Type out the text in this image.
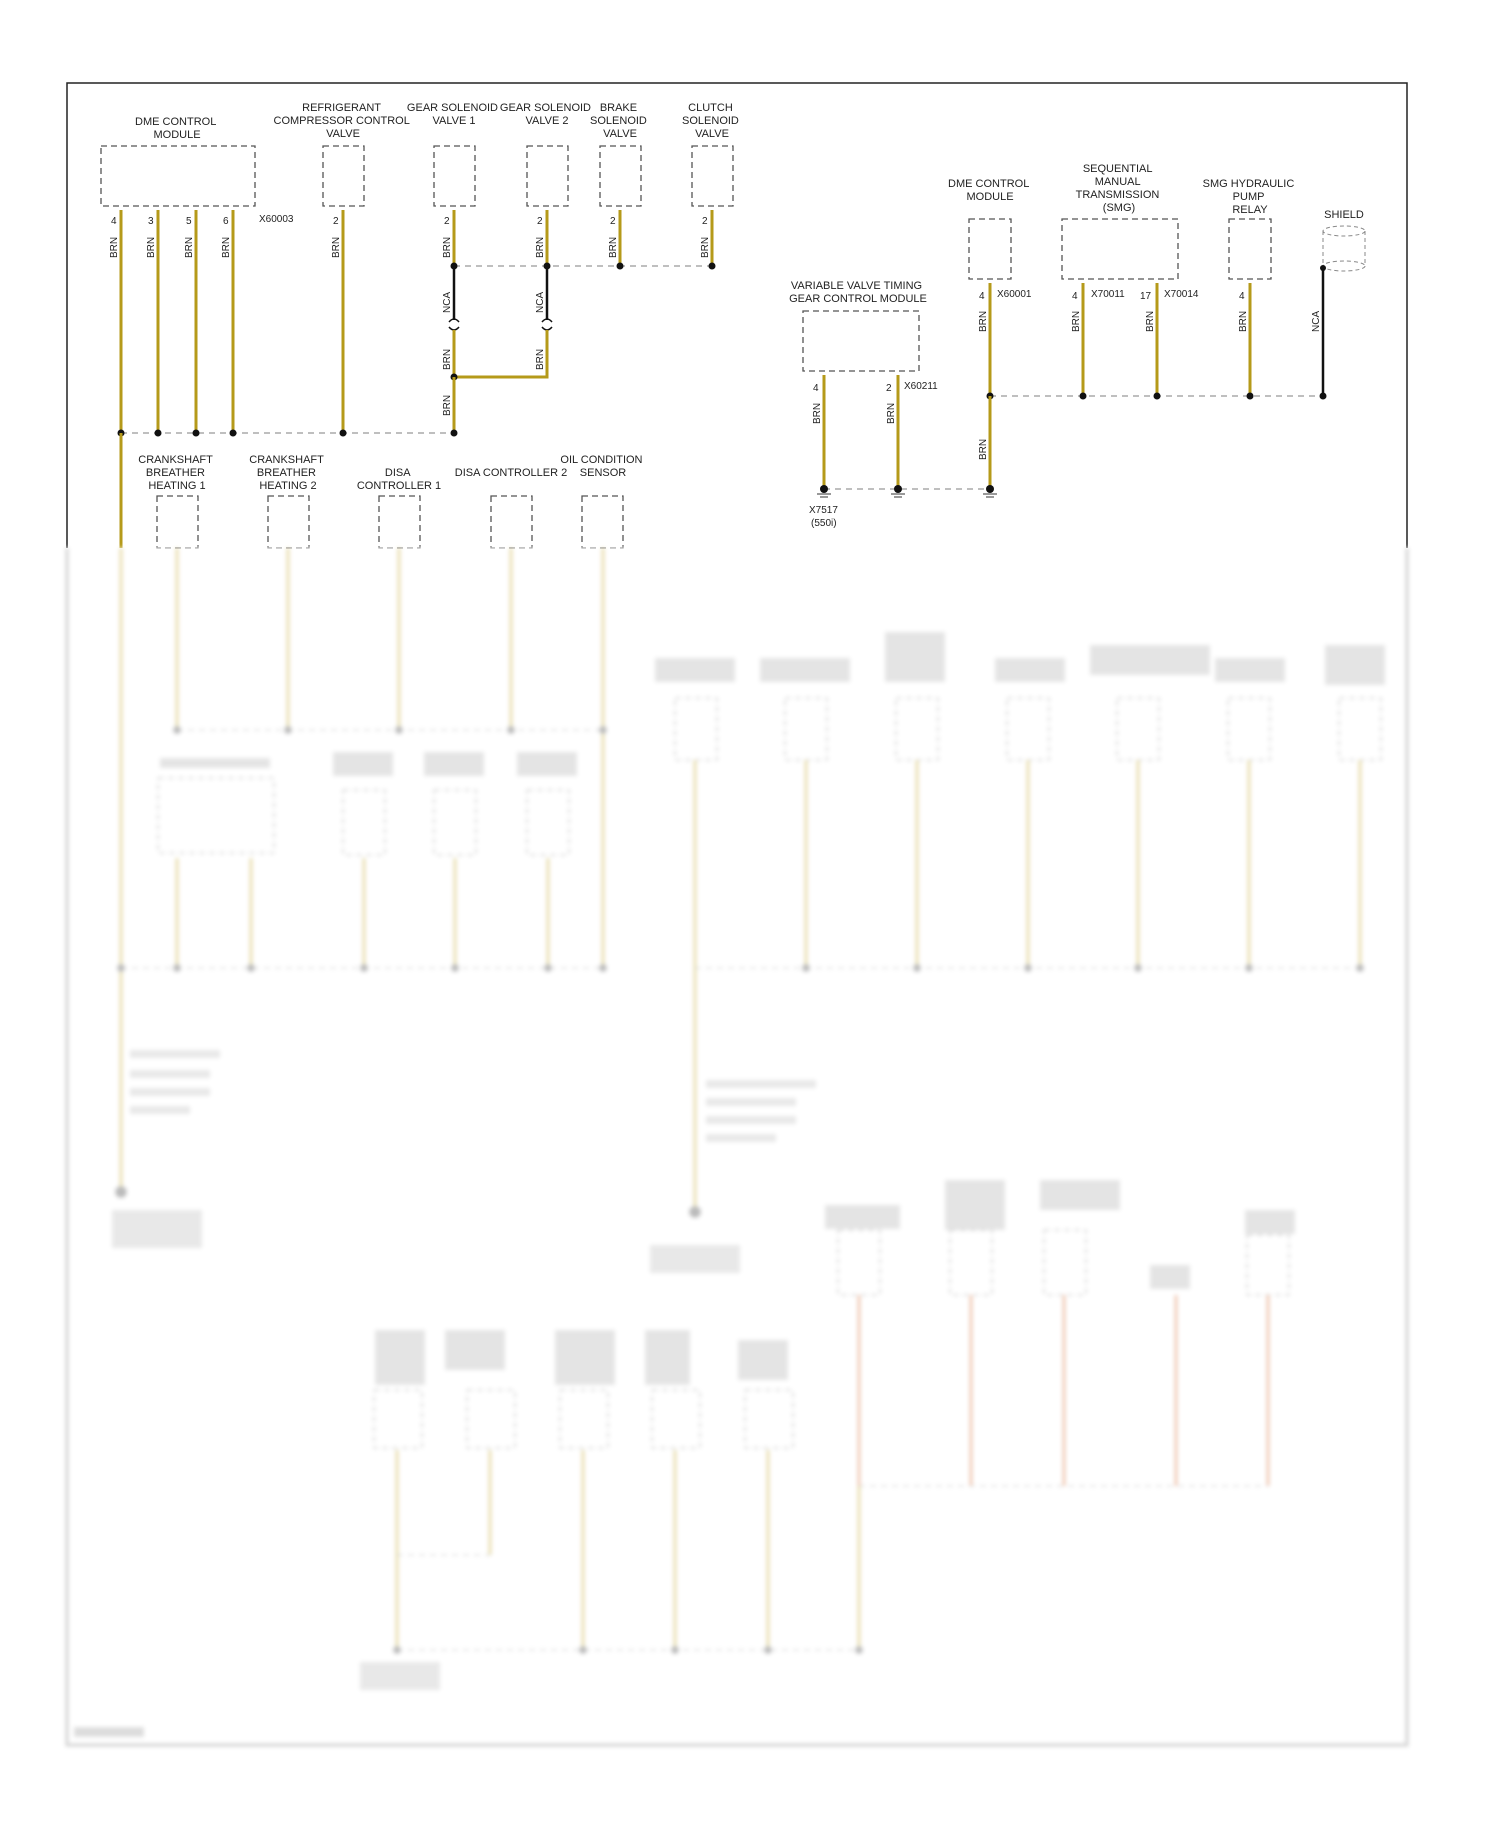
DME CONTROL MODULE
X60003
4	3	5	6
BRN	BRN	BRN	BRN
REFRIGERANT COMPRESSOR CONTROL VALVE
2
BRN
GEAR SOLENOID VALVE 1
2
BRN
GEAR SOLENOID VALVE 2
2
BRN
BRAKE SOLENOID VALVE
2
BRN
CLUTCH SOLENOID VALVE
2
BRN
NCA
BRN
NCA
BRN
BRN
CRANKSHAFT BREATHER HEATING 1
CRANKSHAFT BREATHER HEATING 2
DISA CONTROLLER 1
DISA CONTROLLER 2
OIL CONDITION SENSOR
VARIABLE VALVE TIMING GEAR CONTROL MODULE
4	2 X60211
BRN	BRN
DME CONTROL MODULE
4 X60001
BRN
SEQUENTIAL MANUAL TRANSMISSION (SMG)
4 X70011 17 X70014
BRN	BRN
SMG HYDRAULIC PUMP RELAY
4
BRN
SHIELD
NCA
BRN
X7517
(550i)
